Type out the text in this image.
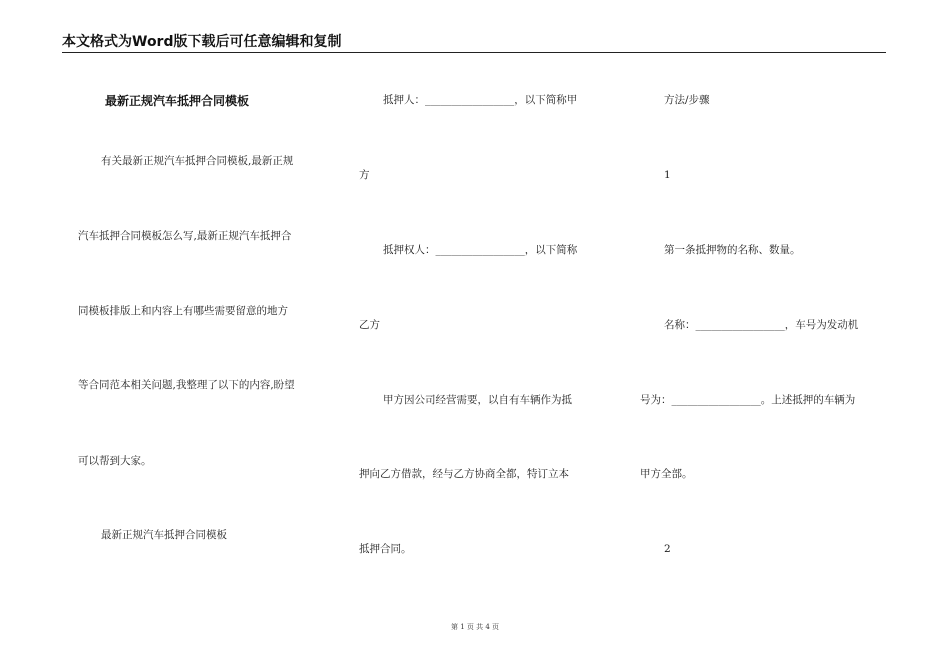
本文格式为Word版下载后可任意编辑和复制
最新正规汽车抵押合同模板
有关最新正规汽车抵押合同模板,最新正规
汽车抵押合同模板怎么写,最新正规汽车抵押合
同模板排版上和内容上有哪些需要留意的地方
等合同范本相关问题,我整理了以下的内容,盼望
可以帮到大家。
最新正规汽车抵押合同模板
抵押人：_________________，以下简称甲
方
抵押权人：_________________，以下简称
乙方
甲方因公司经营需要，以自有车辆作为抵
押向乙方借款，经与乙方协商全都，特订立本
抵押合同。
方法/步骤
1
第一条抵押物的名称、数量。
名称：_________________，车号为发动机
号为：_________________。上述抵押的车辆为
甲方全部。
2
第 1 页 共 4 页
